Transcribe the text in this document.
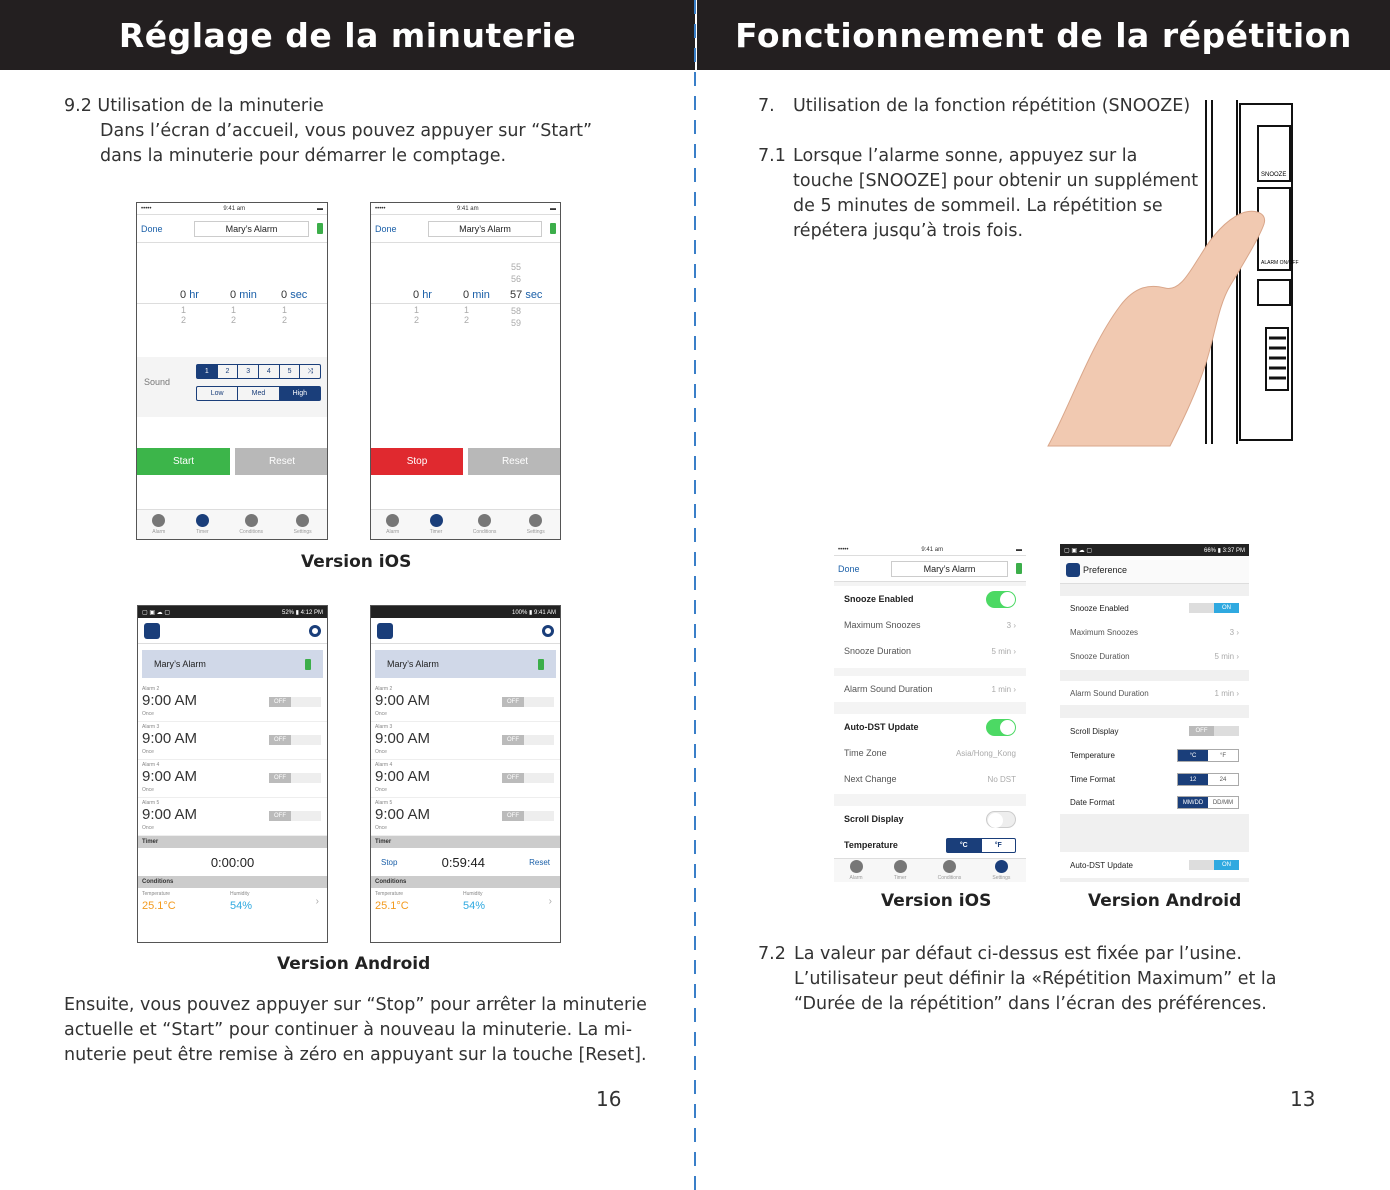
Réglage de la minuterie	Fonctionnement de la répétition
9.2 Utilisation de la minuterie
Dans l’écran d’accueil, vous pouvez appuyer sur “Start”
dans la minuterie pour démarrer le comptage.
•••••	9:41 am	▬
Done	Mary’s Alarm
0 hr	0 min 0 sec
1
2
1
2
1
2
Sound
1	2	3	4	5	⤨
Low	Med	High
Start	Reset
Alarm	Timer	Conditions	Settings
•••••	9:41 am	▬
Done	Mary’s Alarm
55
56
0 hr	0 min 57 sec
1
2
1
2
58
59
Stop	Reset
Alarm	Timer	Conditions	Settings
Version iOS
▢ ▣ ☁ ▢	52% ▮ 4:12 PM
Mary’s Alarm
Alarm 2
9:00 AM
Once
OFF
Alarm 3
9:00 AM
Once
OFF
Alarm 4
9:00 AM
Once
OFF
Alarm 5
9:00 AM
Once
OFF
Timer
0:00:00
Conditions
Temperature
25.1°C
Humidity
54%	›
100% ▮ 9:41 AM
Mary’s Alarm
Alarm 2
9:00 AM
Once
OFF
Alarm 3
9:00 AM
Once
OFF
Alarm 4
9:00 AM
Once
OFF
Alarm 5
9:00 AM
Once
OFF
Timer
Stop	0:59:44	Reset
Conditions
Temperature
25.1°C
Humidity
54%	›
Version Android
Ensuite, vous pouvez appuyer sur “Stop” pour arrêter la minuterie
actuelle et “Start” pour continuer à nouveau la minuterie. La mi-
nuterie peut être remise à zéro en appuyant sur la touche [Reset].
16
7. Utilisation de la fonction répétition (SNOOZE)
7.1 Lorsque l’alarme sonne, appuyez sur la
touche [SNOOZE] pour obtenir un supplément
de 5 minutes de sommeil. La répétition se
répétera jusqu’à trois fois.
SNOOZE
ALARM ON/OFF
•••••	9:41 am	▬
Done	Mary’s Alarm
Snooze Enabled
Maximum Snoozes	3 ›
Snooze Duration	5 min ›
Alarm Sound Duration	1 min ›
Auto-DST Update
Time Zone	Asia/Hong_Kong
Next Change	No DST
Scroll Display
Temperature	°C	°F
Alarm	Timer	Conditions	Settings
▢ ▣ ☁ ▢	66% ▮ 3:37 PM
Preference
Snooze Enabled	ON
Maximum Snoozes	3 ›
Snooze Duration	5 min ›
Alarm Sound Duration	1 min ›
Scroll Display	OFF
Temperature	°C	°F
Time Format	12	24
Date Format	MM/DD	DD/MM
Auto-DST Update	ON
Version iOS	Version Android
7.2 La valeur par défaut ci-dessus est fixée par l’usine.
L’utilisateur peut définir la «Répétition Maximum” et la
“Durée de la répétition” dans l’écran des préférences.
13
